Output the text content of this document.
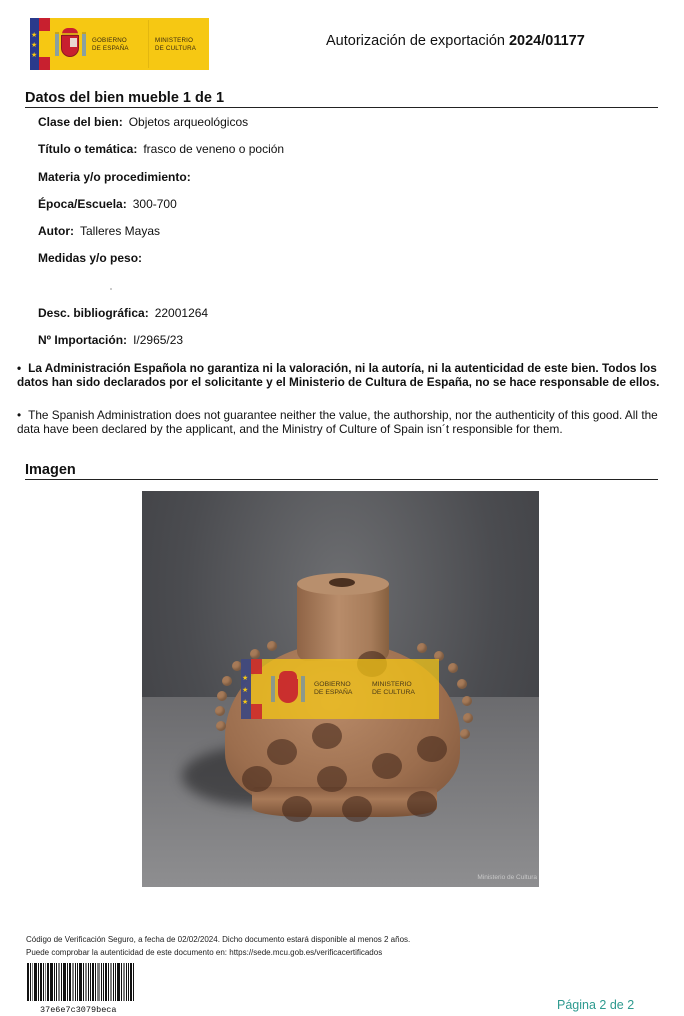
★
★
★
GOBIERNO
DE ESPAÑA
MINISTERIO
DE CULTURA	Autorización de exportación 2024/01177
Datos del bien mueble 1 de 1
Clase del bien: Objetos arqueológicos
Título o temática: frasco de veneno o poción
Materia y/o procedimiento:
Época/Escuela: 300-700
Autor: Talleres Mayas
Medidas y/o peso:
Desc. bibliográfica: 22001264
Nº Importación: I/2965/23
• La Administración Española no garantiza ni la valoración, ni la autoría, ni la autenticidad de este bien. Todos los datos han sido declarados por el solicitante y el Ministerio de Cultura de España, no se hace responsable de ellos.
• The Spanish Administration does not guarantee neither the value, the authorship, nor the authenticity of this good. All the data have been declared by the applicant, and the Ministry of Culture of Spain isn´t responsible for them.
Imagen
★
★
★
GOBIERNO
DE ESPAÑA
MINISTERIO
DE CULTURA
Ministerio de Cultura
Código de Verificación Seguro, a fecha de 02/02/2024. Dicho documento estará disponible al menos 2 años.
Puede comprobar la autenticidad de este documento en: https://sede.mcu.gob.es/verificacertificados
37e6e7c3079beca	Página 2 de 2
